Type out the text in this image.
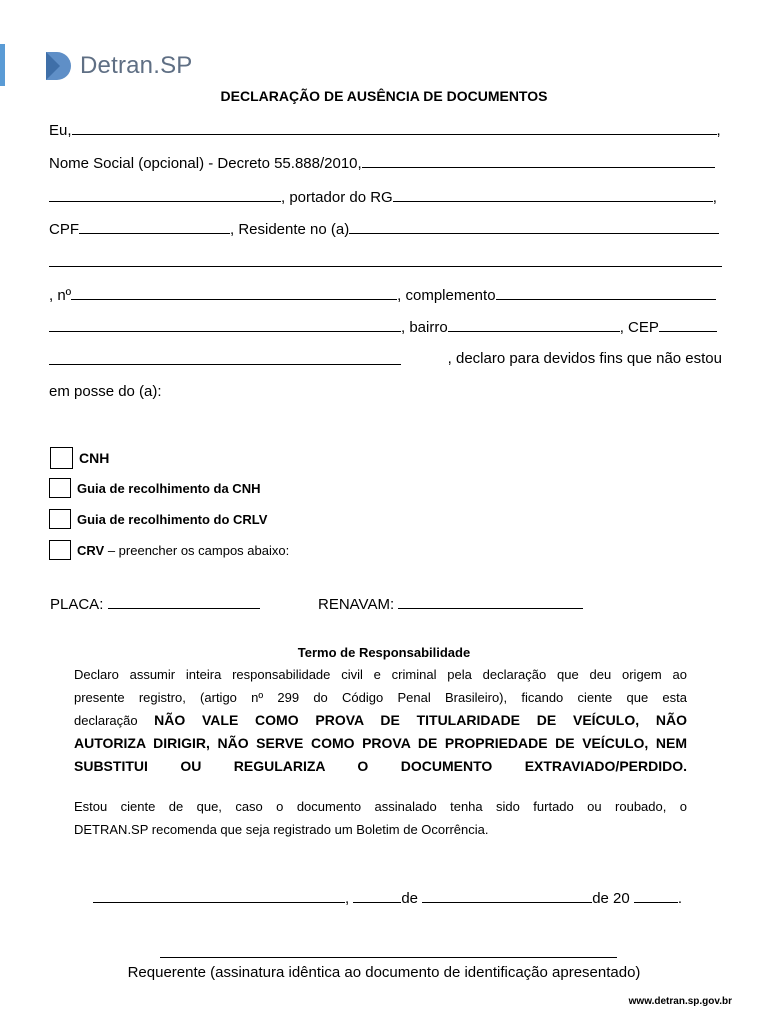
Detran.SP
DECLARAÇÃO DE AUSÊNCIA DE DOCUMENTOS
Eu,	,
Nome Social (opcional) - Decreto 55.888/2010,
, portador do RG	,
CPF	, Residente no (a)
, nº	, complemento
, bairro	, CEP
, declaro para devidos fins que não estou
em posse do (a):
CNH
Guia de recolhimento da CNH
Guia de recolhimento do CRLV
CRV – preencher os campos abaixo:
PLACA:	RENAVAM:
Termo de Responsabilidade
Declaro assumir inteira responsabilidade civil e criminal pela declaração que deu origem ao
presente registro, (artigo nº 299 do Código Penal Brasileiro), ficando ciente que esta
declaração NÃO VALE COMO PROVA DE TITULARIDADE DE VEÍCULO, NÃO
AUTORIZA DIRIGIR, NÃO SERVE COMO PROVA DE PROPRIEDADE DE VEÍCULO, NEM
SUBSTITUI OU REGULARIZA O DOCUMENTO EXTRAVIADO/PERDIDO.
Estou ciente de que, caso o documento assinalado tenha sido furtado ou roubado, o
DETRAN.SP recomenda que seja registrado um Boletim de Ocorrência.
,	de	de 20	.
Requerente (assinatura idêntica ao documento de identificação apresentado)
www.detran.sp.gov.br
